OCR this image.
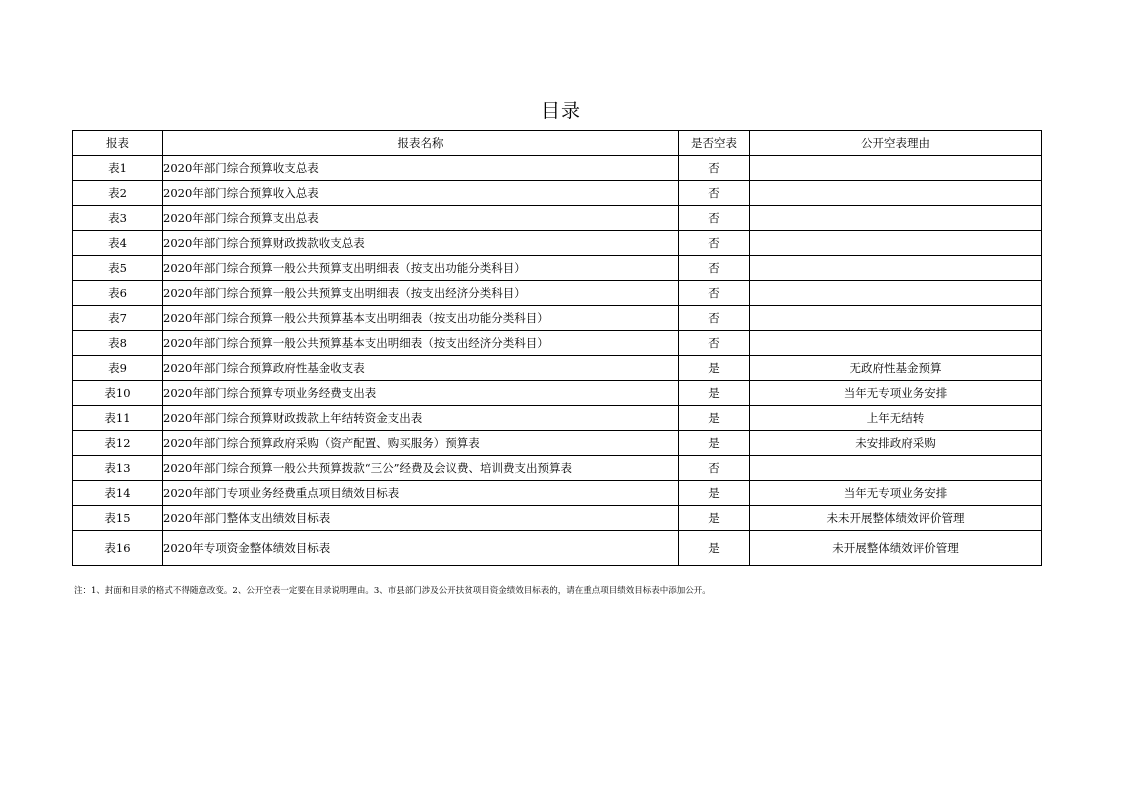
目录
报表	报表名称	是否空表	公开空表理由
表1	2020年部门综合预算收支总表	否	
表2	2020年部门综合预算收入总表	否	
表3	2020年部门综合预算支出总表	否	
表4	2020年部门综合预算财政拨款收支总表	否	
表5	2020年部门综合预算一般公共预算支出明细表（按支出功能分类科目）	否	
表6	2020年部门综合预算一般公共预算支出明细表（按支出经济分类科目）	否	
表7	2020年部门综合预算一般公共预算基本支出明细表（按支出功能分类科目）	否	
表8	2020年部门综合预算一般公共预算基本支出明细表（按支出经济分类科目）	否	
表9	2020年部门综合预算政府性基金收支表	是	无政府性基金预算
表10	2020年部门综合预算专项业务经费支出表	是	当年无专项业务安排
表11	2020年部门综合预算财政拨款上年结转资金支出表	是	上年无结转
表12	2020年部门综合预算政府采购（资产配置、购买服务）预算表	是	未安排政府采购
表13	2020年部门综合预算一般公共预算拨款“三公”经费及会议费、培训费支出预算表	否	
表14	2020年部门专项业务经费重点项目绩效目标表	是	当年无专项业务安排
表15	2020年部门整体支出绩效目标表	是	未未开展整体绩效评价管理
表16	2020年专项资金整体绩效目标表	是	未开展整体绩效评价管理
注：1、封面和目录的格式不得随意改变。2、公开空表一定要在目录说明理由。3、市县部门涉及公开扶贫项目资金绩效目标表的，请在重点项目绩效目标表中添加公开。
